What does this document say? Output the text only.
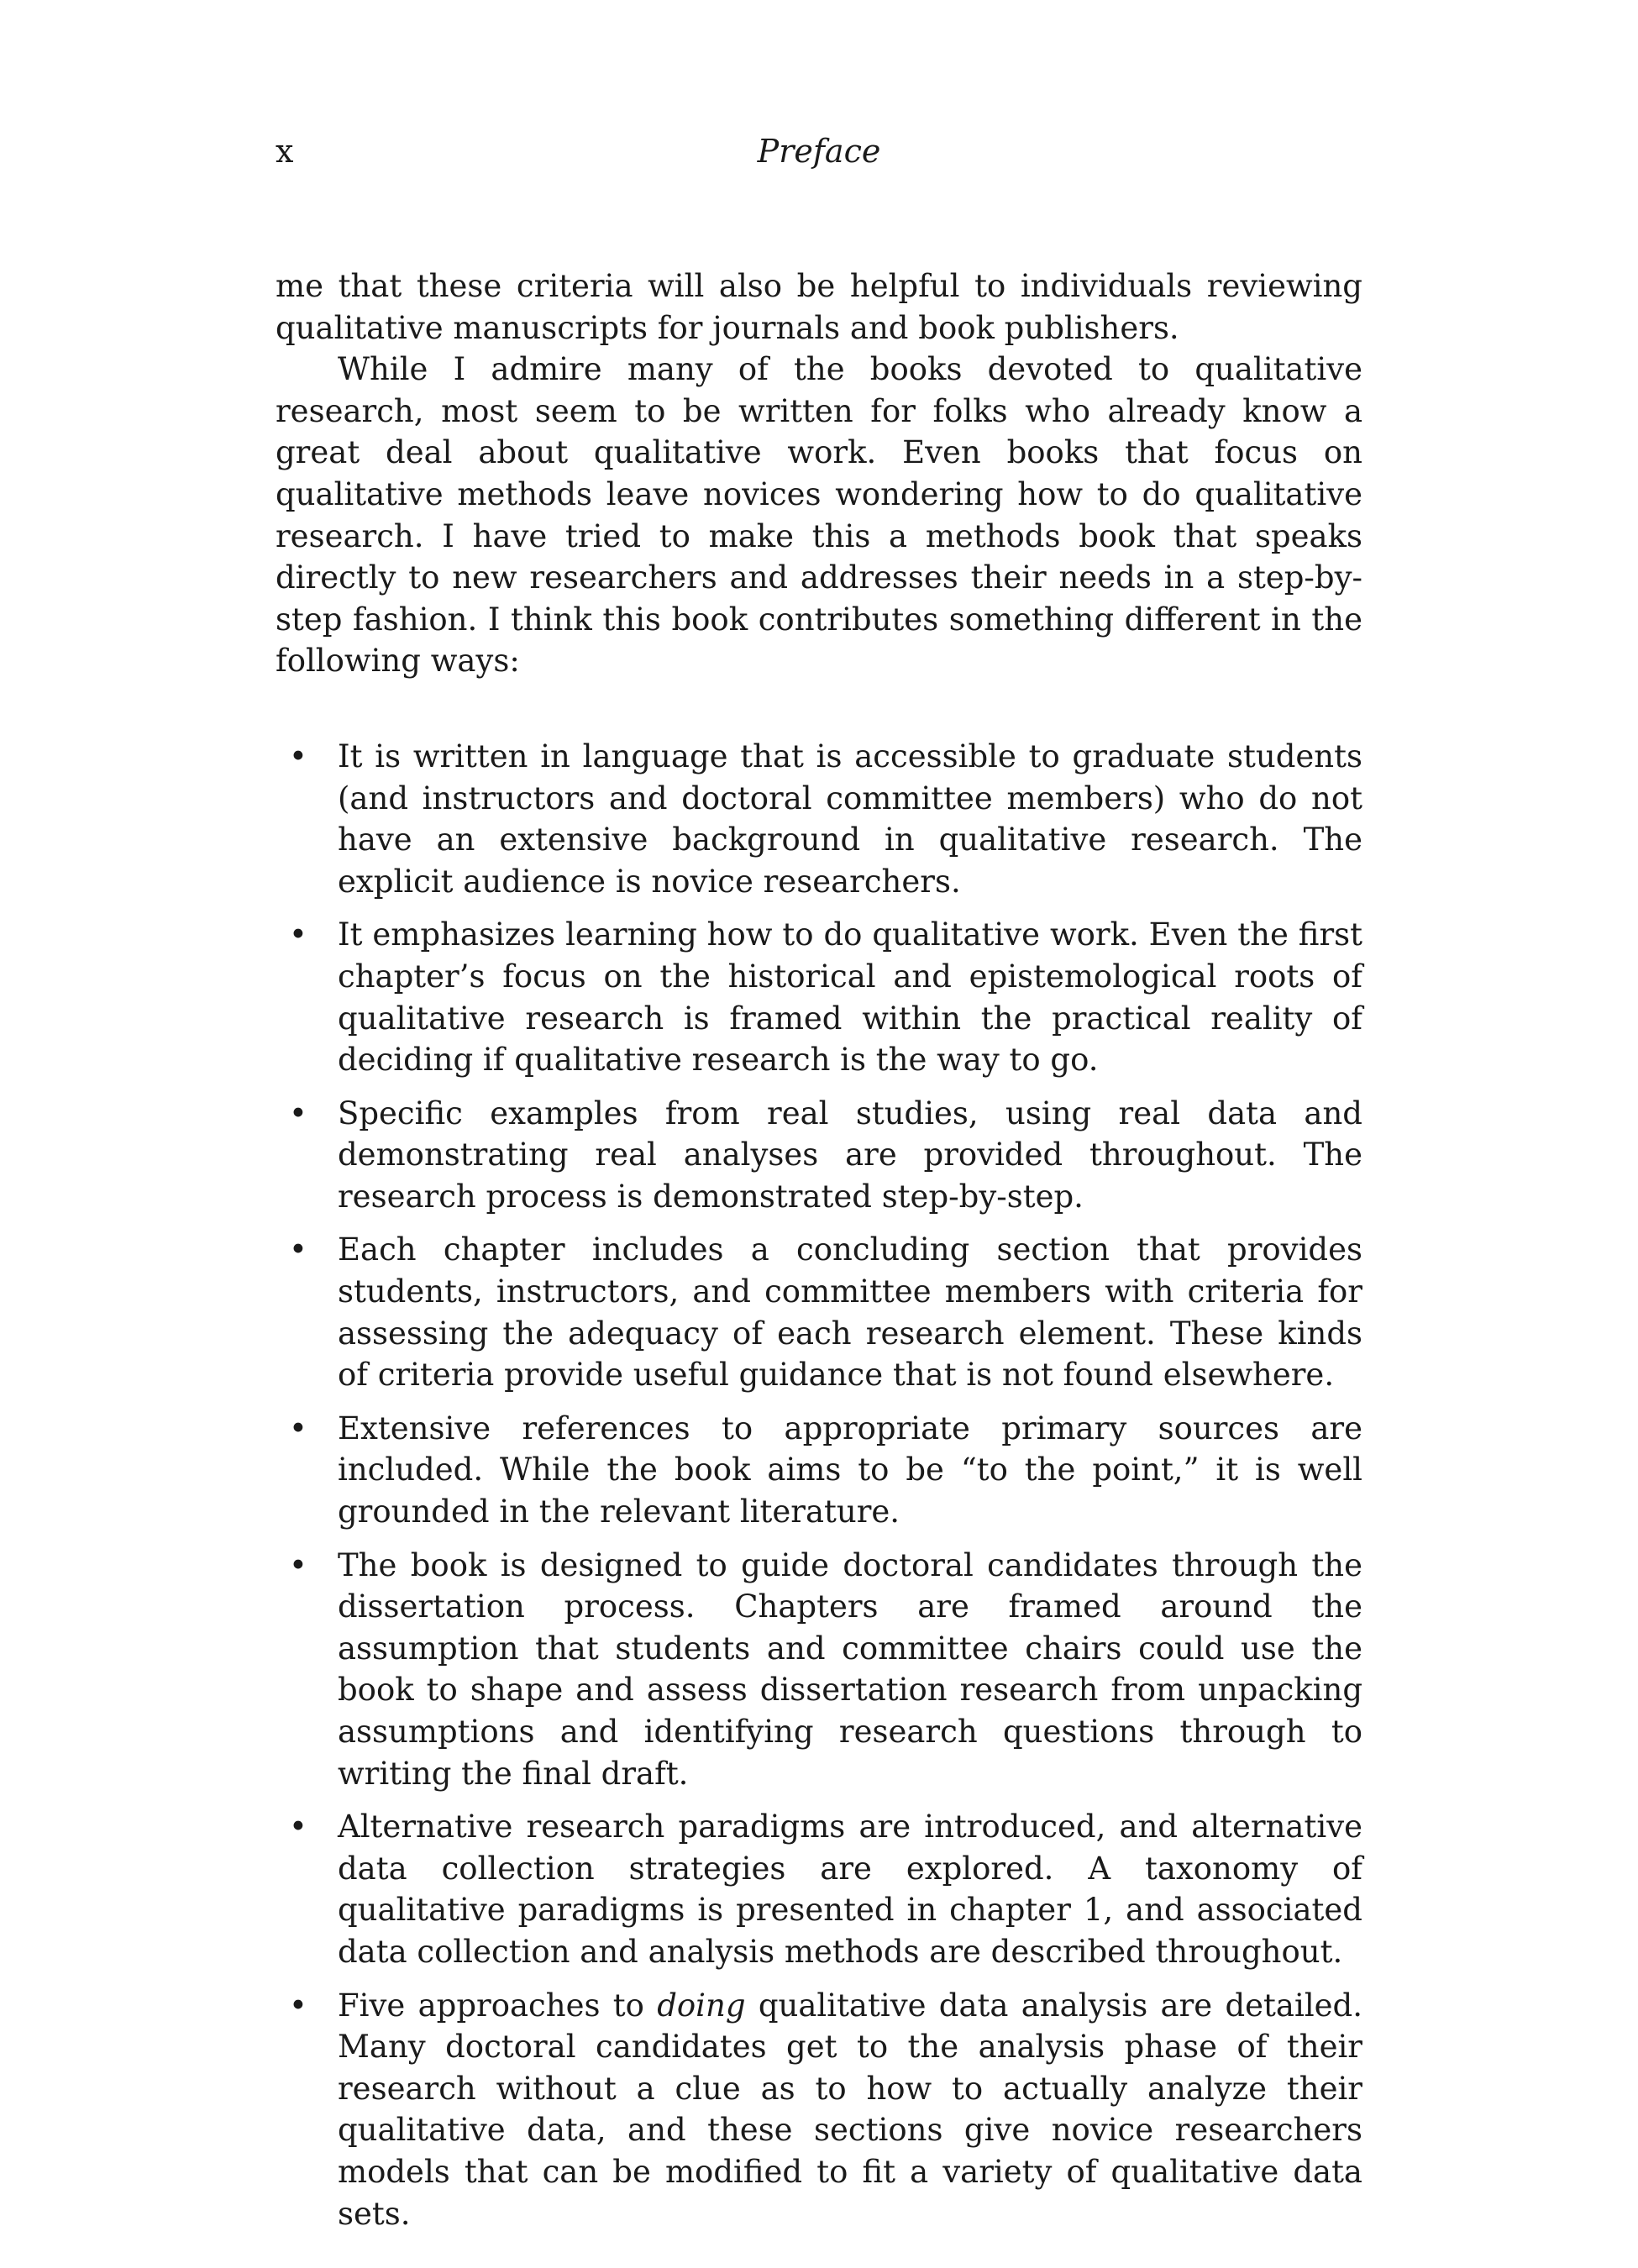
x	Preface

me that these criteria will also be helpful to individuals reviewing qualitative manuscripts for journals and book publishers.

While I admire many of the books devoted to qualitative research, most seem to be written for folks who already know a great deal about qualitative work. Even books that focus on qualitative methods leave novices wondering how to do qualitative research. I have tried to make this a methods book that speaks directly to new researchers and addresses their needs in a step-by-step fashion. I think this book contributes something different in the following ways:

• It is written in language that is accessible to graduate students (and instructors and doctoral committee members) who do not have an extensive background in qualitative research. The explicit audience is novice researchers.
• It emphasizes learning how to do qualitative work. Even the first chapter’s focus on the historical and epistemological roots of qualitative research is framed within the practical reality of deciding if qualitative research is the way to go.
• Specific examples from real studies, using real data and demonstrating real analyses are provided throughout. The research process is demonstrated step-by-step.
• Each chapter includes a concluding section that provides students, instructors, and committee members with criteria for assessing the adequacy of each research element. These kinds of criteria provide useful guidance that is not found elsewhere.
• Extensive references to appropriate primary sources are included. While the book aims to be “to the point,” it is well grounded in the relevant literature.
• The book is designed to guide doctoral candidates through the dissertation process. Chapters are framed around the assumption that students and committee chairs could use the book to shape and assess dissertation research from unpacking assumptions and identifying research questions through to writing the final draft.
• Alternative research paradigms are introduced, and alternative data collection strategies are explored. A taxonomy of qualitative paradigms is presented in chapter 1, and associated data collection and analysis methods are described throughout.
• Five approaches to doing qualitative data analysis are detailed. Many doctoral candidates get to the analysis phase of their research without a clue as to how to actually analyze their qualitative data, and these sections give novice researchers models that can be modified to fit a variety of qualitative data sets.
